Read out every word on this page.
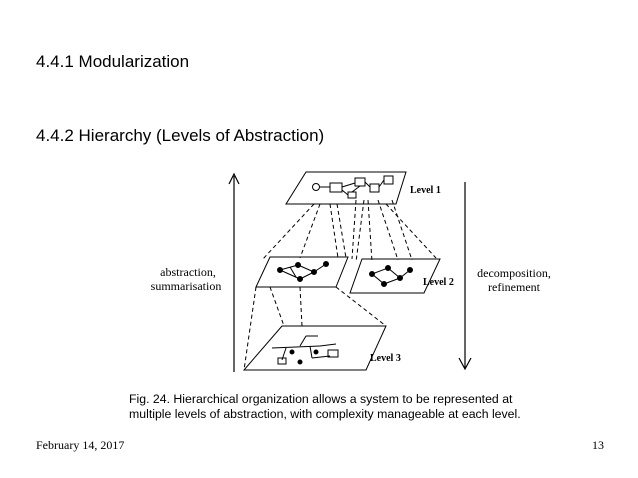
4.4.1 Modularization
4.4.2 Hierarchy (Levels of Abstraction)
Level 1
Level 2
Level 3
abstraction,
summarisation
decomposition,
refinement
Fig. 24. Hierarchical organization allows a system to be represented at
multiple levels of abstraction, with complexity manageable at each level.
February 14, 2017	13
